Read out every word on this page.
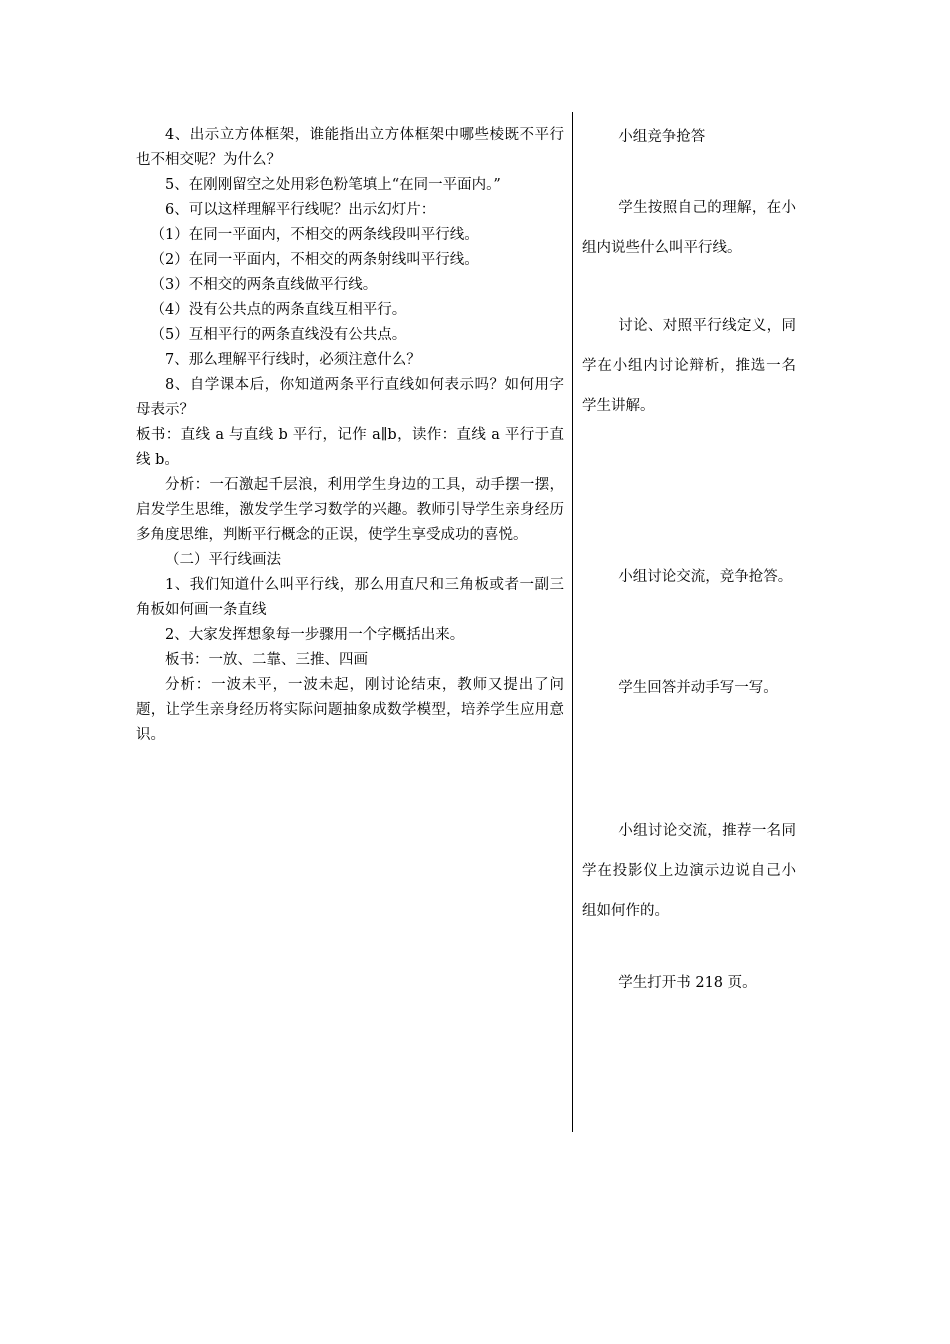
4、出示立方体框架，谁能指出立方体框架中哪些棱既不平行也不相交呢？为什么？

5、在刚刚留空之处用彩色粉笔填上“在同一平面内。”

6、可以这样理解平行线呢？出示幻灯片：

（1）在同一平面内，不相交的两条线段叫平行线。

（2）在同一平面内，不相交的两条射线叫平行线。

（3）不相交的两条直线做平行线。

（4）没有公共点的两条直线互相平行。

（5）互相平行的两条直线没有公共点。

7、那么理解平行线时，必须注意什么？

8、自学课本后，你知道两条平行直线如何表示吗？如何用字母表示？

板书：直线 a 与直线 b 平行，记作 a∥b，读作：直线 a 平行于直线 b。

分析：一石激起千层浪，利用学生身边的工具，动手摆一摆，启发学生思维，激发学生学习数学的兴趣。教师引导学生亲身经历多角度思维，判断平行概念的正误，使学生享受成功的喜悦。

（二）平行线画法

1、我们知道什么叫平行线，那么用直尺和三角板或者一副三角板如何画一条直线

2、大家发挥想象每一步骤用一个字概括出来。

板书：一放、二靠、三推、四画

分析：一波未平，一波未起，刚讨论结束，教师又提出了问题，让学生亲身经历将实际问题抽象成数学模型，培养学生应用意识。

小组竞争抢答

学生按照自己的理解，在小组内说些什么叫平行线。

讨论、对照平行线定义，同学在小组内讨论辩析，推选一名学生讲解。

小组讨论交流，竞争抢答。

学生回答并动手写一写。

小组讨论交流，推荐一名同学在投影仪上边演示边说自己小组如何作的。

学生打开书 218 页。
